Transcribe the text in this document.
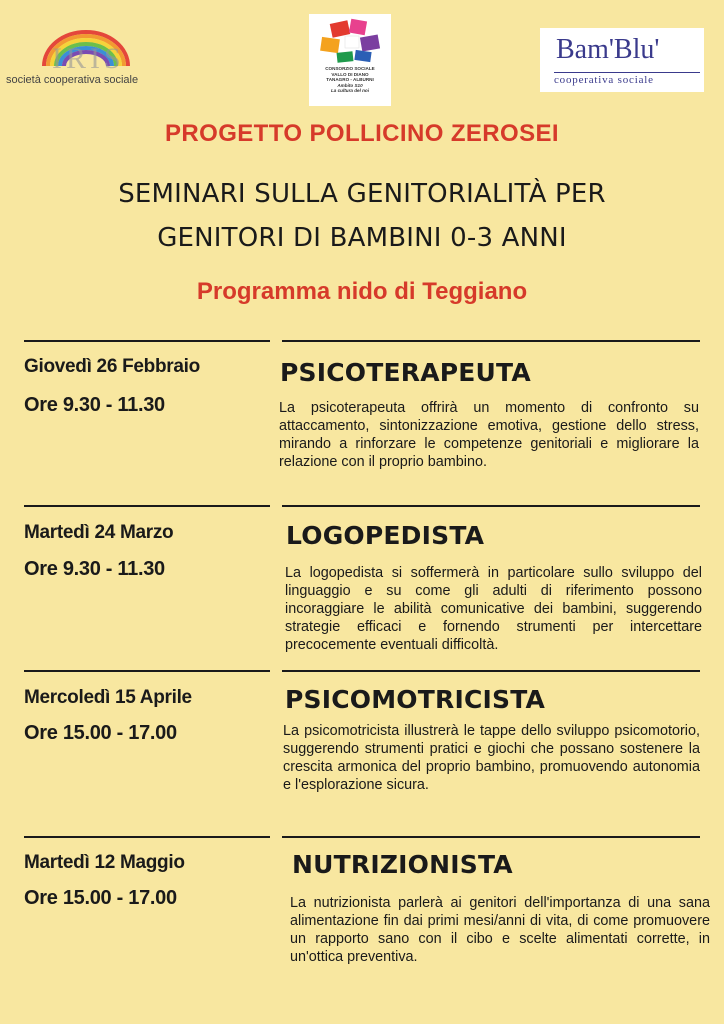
IRIS
società cooperativa sociale
CONSORZIO SOCIALE
VALLO DI DIANO
TANAGRO - ALBURNI
Ambito S10
La cultura del noi
Bam'Blu'
cooperativa sociale
PROGETTO POLLICINO ZEROSEI
SEMINARI SULLA GENITORIALITÀ PER
GENITORI DI BAMBINI 0-3 ANNI
Programma nido di Teggiano
Giovedì 26 Febbraio
Ore 9.30 - 11.30
PSICOTERAPEUTA
La psicoterapeuta offrirà un momento di confronto su attaccamento, sintonizzazione emotiva, gestione dello stress, mirando a rinforzare le competenze genitoriali e migliorare la relazione con il proprio bambino.
Martedì 24 Marzo
Ore 9.30 - 11.30
LOGOPEDISTA
La logopedista si soffermerà in particolare sullo sviluppo del linguaggio e su come gli adulti di riferimento possono incoraggiare le abilità comunicative dei bambini, suggerendo strategie efficaci e fornendo strumenti per intercettare precocemente eventuali difficoltà.
Mercoledì 15 Aprile
Ore 15.00 - 17.00
PSICOMOTRICISTA
La psicomotricista illustrerà le tappe dello sviluppo psicomotorio, suggerendo strumenti pratici e giochi che possano sostenere la crescita armonica del proprio bambino, promuovendo autonomia e l'esplorazione sicura.
Martedì 12 Maggio
Ore 15.00 - 17.00
NUTRIZIONISTA
La nutrizionista parlerà ai genitori dell'importanza di una sana alimentazione fin dai primi mesi/anni di vita, di come promuovere un rapporto sano con il cibo e scelte alimentati corrette, in un'ottica preventiva.
